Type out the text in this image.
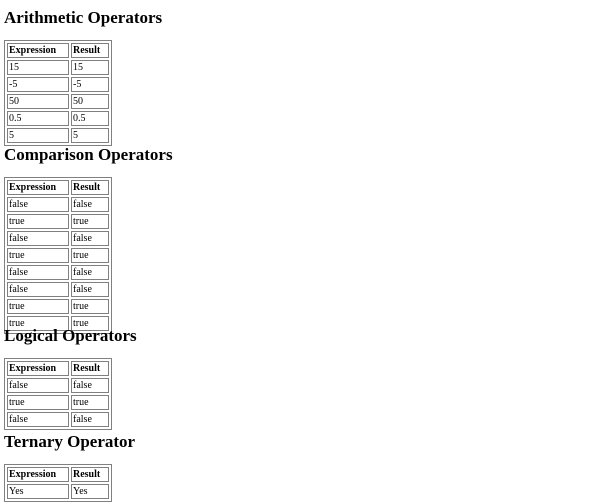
Arithmetic Operators
Expression	Result
15	15
-5	-5
50	50
0.5	0.5
5	5
Comparison Operators
Expression	Result
false	false
true	true
false	false
true	true
false	false
false	false
true	true
true	true
Logical Operators
Expression	Result
false	false
true	true
false	false
Ternary Operator
Expression	Result
Yes	Yes
